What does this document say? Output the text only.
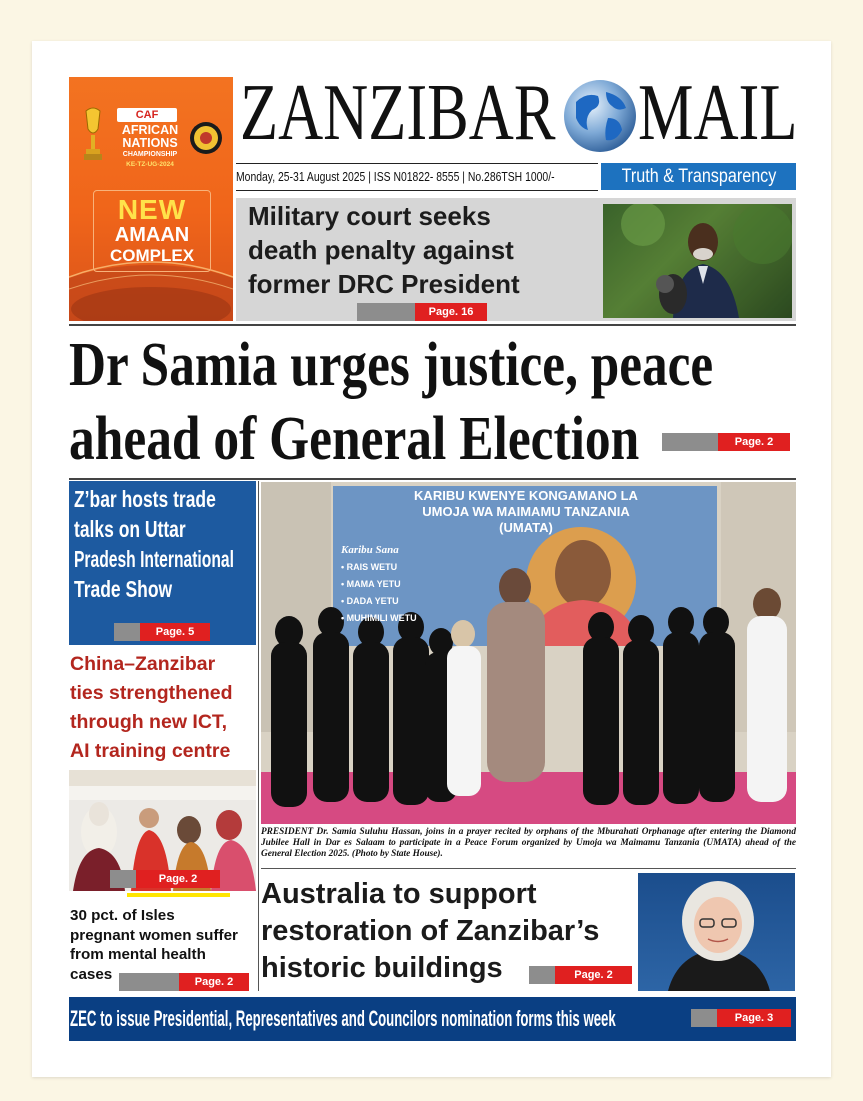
CAF
AFRICAN
NATIONS
CHAMPIONSHIP
KE-TZ-UG-2024
NEW
AMAAN
COMPLEX
ZANZIBAR MAIL
Monday, 25-31 August 2025 | ISS N01822- 8555 | No.286TSH 1000/-	Truth & Transparency
Military court seeks
death penalty against
former DRC President
Page. 16
Dr Samia urges justice, peace
ahead of General Election	Page. 2
Z’bar hosts trade
talks on Uttar
Pradesh International
Trade Show
Page. 5
China–Zanzibar
ties strengthened
through new ICT,
AI training centre
Page. 2
30 pct. of Isles
pregnant women suffer
from mental health
cases	Page. 2
KARIBU KWENYE KONGAMANO LA
UMOJA WA MAIMAMU TANZANIA
(UMATA)
Karibu Sana
• RAIS WETU
• MAMA YETU
• DADA YETU
• MUHIMILI WETU
PRESIDENT Dr. Samia Suluhu Hassan, joins in a prayer recited by orphans of the Mburahati Orphanage after entering the Diamond Jubilee Hall in Dar es Salaam to participate in a Peace Forum organized by Umoja wa Maimamu Tanzania (UMATA) ahead of the General Election 2025. (Photo by State House).
Australia to support
restoration of Zanzibar’s
historic buildings	Page. 2
ZEC to issue Presidential, Representatives and Councilors nomination forms this week	Page. 3
